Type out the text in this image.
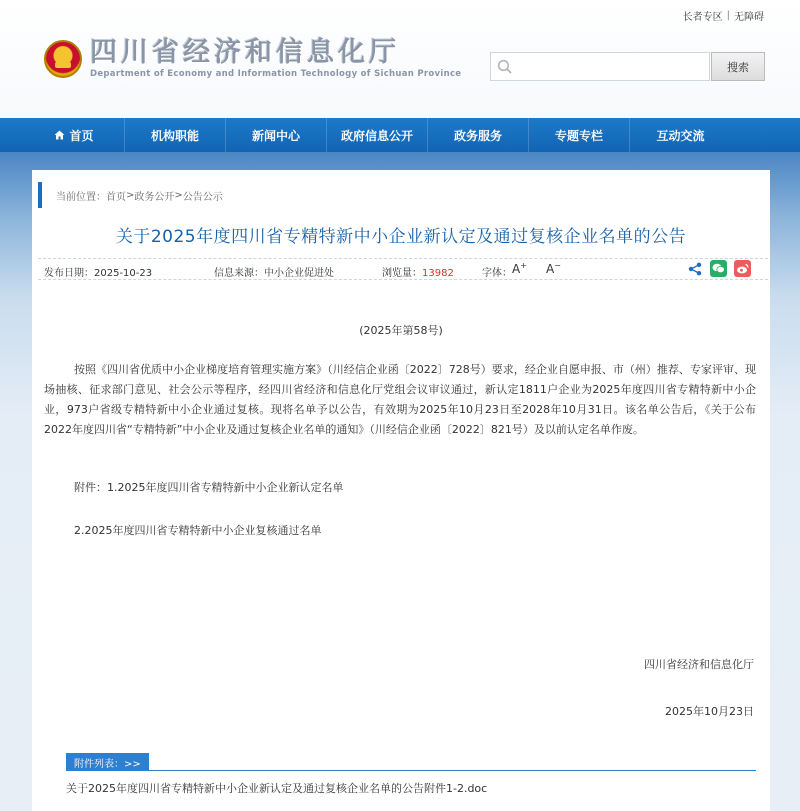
长者专区 | 无障碍
四川省经济和信息化厅
Department of Economy and Information Technology of Sichuan Province
搜索
首页	机构职能	新闻中心	政府信息公开	政务服务	专题专栏	互动交流
当前位置： 首页 > 政务公开 > 公告公示
关于2025年度四川省专精特新中小企业新认定及通过复核企业名单的公告
发布日期：2025-10-23	信息来源：中小企业促进处	浏览量：13982	字体： A+ A−
(2025年第58号)

按照《四川省优质中小企业梯度培育管理实施方案》（川经信企业函〔2022〕728号）要求，经企业自愿申报、市（州）推荐、专家评审、现场抽核、征求部门意见、社会公示等程序，经四川省经济和信息化厅党组会议审议通过，新认定1811户企业为2025年度四川省专精特新中小企业，973户省级专精特新中小企业通过复核。现将名单予以公告，有效期为2025年10月23日至2028年10月31日。该名单公告后，《关于公布2022年度四川省“专精特新”中小企业及通过复核企业名单的通知》（川经信企业函〔2022〕821号）及以前认定名单作废。

附件：1.2025年度四川省专精特新中小企业新认定名单
2.2025年度四川省专精特新中小企业复核通过名单
四川省经济和信息化厅
2025年10月23日
附件列表：>>
关于2025年度四川省专精特新中小企业新认定及通过复核企业名单的公告附件1-2.doc
